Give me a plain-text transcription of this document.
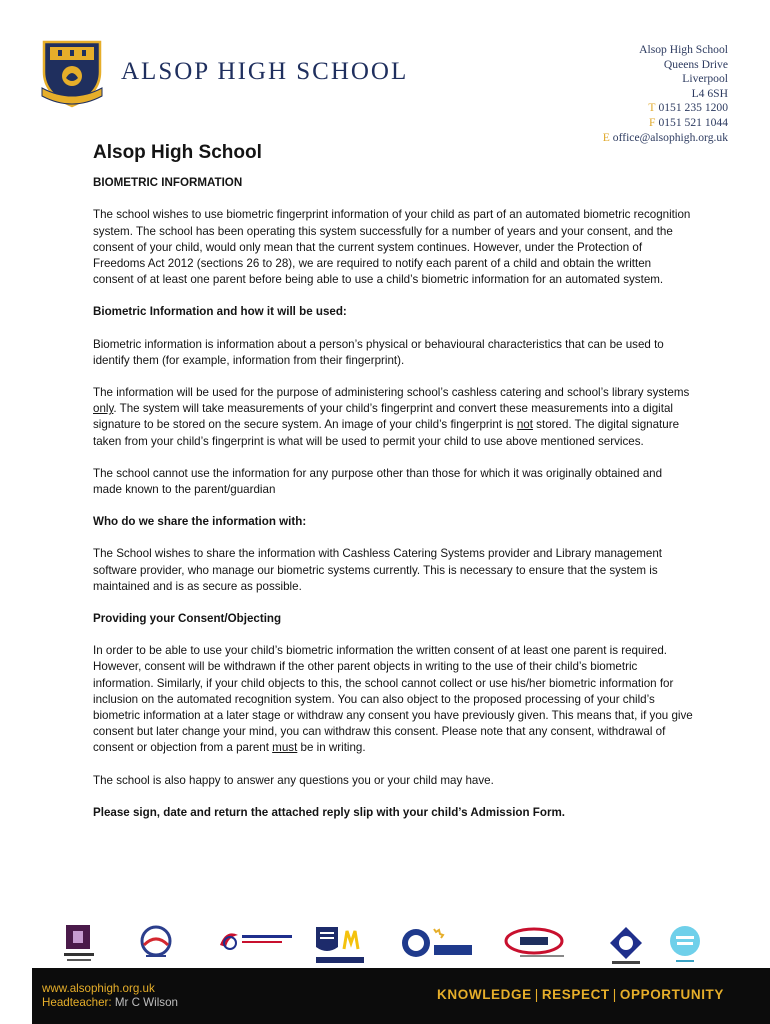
ALSOP HIGH SCHOOL
Alsop High School
Queens Drive
Liverpool
L4 6SH
T 0151 235 1200
F 0151 521 1044
E office@alsophigh.org.uk
Alsop High School
BIOMETRIC INFORMATION

The school wishes to use biometric fingerprint information of your child as part of an automated biometric recognition system. The school has been operating this system successfully for a number of years and your consent, and the consent of your child, would only mean that the current system continues. However, under the Protection of Freedoms Act 2012 (sections 26 to 28), we are required to notify each parent of a child and obtain the written consent of at least one parent before being able to use a child’s biometric information for an automated system.

Biometric Information and how it will be used:

Biometric information is information about a person’s physical or behavioural characteristics that can be used to identify them (for example, information from their fingerprint).

The information will be used for the purpose of administering school’s cashless catering and school’s library systems only. The system will take measurements of your child’s fingerprint and convert these measurements into a digital signature to be stored on the secure system. An image of your child’s fingerprint is not stored. The digital signature taken from your child’s fingerprint is what will be used to permit your child to use above mentioned services.

The school cannot use the information for any purpose other than those for which it was originally obtained and made known to the parent/guardian

Who do we share the information with:

The School wishes to share the information with Cashless Catering Systems provider and Library management software provider, who manage our biometric systems currently. This is necessary to ensure that the system is maintained and is as secure as possible.

Providing your Consent/Objecting

In order to be able to use your child’s biometric information the written consent of at least one parent is required. However, consent will be withdrawn if the other parent objects in writing to the use of their child’s biometric information. Similarly, if your child objects to this, the school cannot collect or use his/her biometric information for inclusion on the automated recognition system. You can also object to the proposed processing of your child’s biometric information at a later stage or withdraw any consent you have previously given. This means that, if you give consent but later change your mind, you can withdraw this consent. Please note that any consent, withdrawal of consent or objection from a parent must be in writing.

The school is also happy to answer any questions you or your child may have.

Please sign, date and return the attached reply slip with your child’s Admission Form.

www.alsophigh.org.uk
Headteacher: Mr C Wilson
KNOWLEDGE | RESPECT | OPPORTUNITY
